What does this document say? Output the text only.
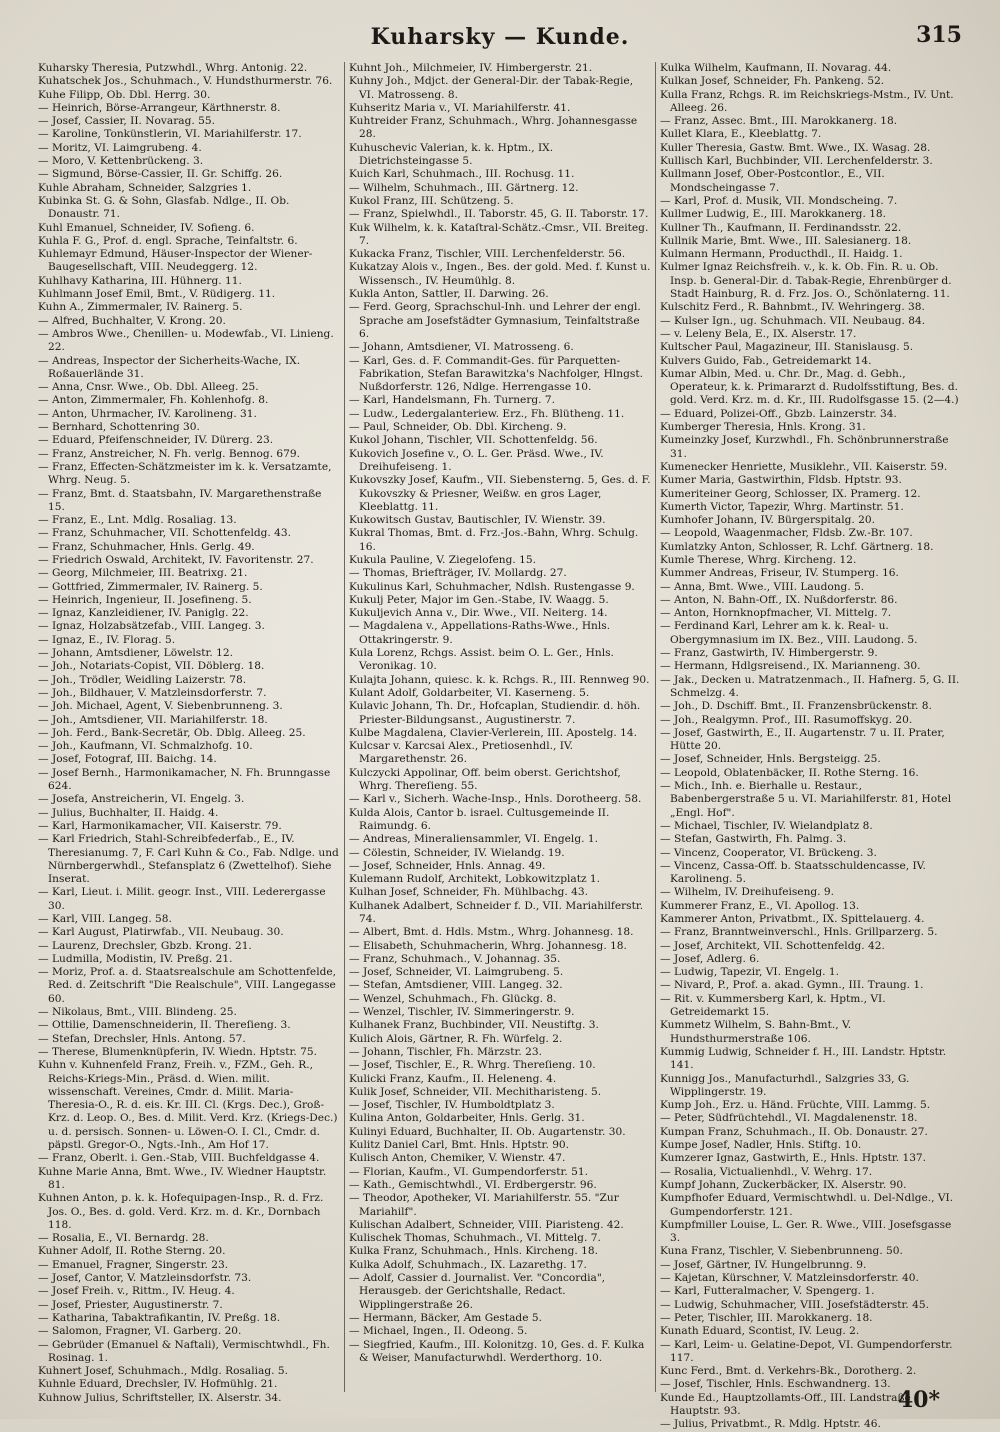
Kuharsky — Kunde.	315

Kuharsky Theresia, Putzwhdl., Whrg. Antonig. 22.

Kuhatschek Jos., Schuhmach., V. Hundsthurmerstr. 76.

Kuhe Filipp, Ob. Dbl. Herrg. 30.

— Heinrich, Börse-Arrangeur, Kärthnerstr. 8.

— Josef, Cassier, II. Novarag. 55.

— Karoline, Tonkünstlerin, VI. Mariahilferstr. 17.

— Moritz, VI. Laimgrubeng. 4.

— Moro, V. Kettenbrückeng. 3.

— Sigmund, Börse-Cassier, II. Gr. Schiffg. 26.

Kuhle Abraham, Schneider, Salzgries 1.

Kubinka St. G. & Sohn, Glasfab. Ndlge., II. Ob. Donaustr. 71.

Kuhl Emanuel, Schneider, IV. Sofieng. 6.

Kuhla F. G., Prof. d. engl. Sprache, Teinfaltstr. 6.

Kuhlemayr Edmund, Häuser-Inspector der Wiener-Baugesellschaft, VIII. Neudeggerg. 12.

Kuhlhavy Katharina, III. Hühnerg. 11.

Kuhlmann Josef Emil, Bmt., V. Rüdigerg. 11.

Kuhn A., Zimmermaler, IV. Rainerg. 5.

— Alfred, Buchhalter, V. Krong. 20.

— Ambros Wwe., Chenillen- u. Modewfab., VI. Linieng. 22.

— Andreas, Inspector der Sicherheits-Wache, IX. Roßauerlände 31.

— Anna, Cnsr. Wwe., Ob. Dbl. Alleeg. 25.

— Anton, Zimmermaler, Fh. Kohlenhofg. 8.

— Anton, Uhrmacher, IV. Karolineng. 31.

— Bernhard, Schottenring 30.

— Eduard, Pfeifenschneider, IV. Dürerg. 23.

— Franz, Anstreicher, N. Fh. verlg. Bennog. 679.

— Franz, Effecten-Schätzmeister im k. k. Versatzamte, Whrg. Neug. 5.

— Franz, Bmt. d. Staatsbahn, IV. Margarethenstraße 15.

— Franz, E., Lnt. Mdlg. Rosaliag. 13.

— Franz, Schuhmacher, VII. Schottenfeldg. 43.

— Franz, Schuhmacher, Hnls. Gerlg. 49.

— Friedrich Oswald, Architekt, IV. Favoritenstr. 27.

— Georg, Milchmeier, III. Beatrixg. 21.

— Gottfried, Zimmermaler, IV. Rainerg. 5.

— Heinrich, Ingenieur, II. Josefineng. 5.

— Ignaz, Kanzleidiener, IV. Paniglg. 22.

— Ignaz, Holzabsätzefab., VIII. Langeg. 3.

— Ignaz, E., IV. Florag. 5.

— Johann, Amtsdiener, Löwelstr. 12.

— Joh., Notariats-Copist, VII. Döblerg. 18.

— Joh., Trödler, Weidling Laizerstr. 78.

— Joh., Bildhauer, V. Matzleinsdorferstr. 7.

— Joh. Michael, Agent, V. Siebenbrunneng. 3.

— Joh., Amtsdiener, VII. Mariahilferstr. 18.

— Joh. Ferd., Bank-Secretär, Ob. Dblg. Alleeg. 25.

— Joh., Kaufmann, VI. Schmalzhofg. 10.

— Josef, Fotograf, III. Baichg. 14.

— Josef Bernh., Harmonikamacher, N. Fh. Brunngasse 624.

— Josefa, Anstreicherin, VI. Engelg. 3.

— Julius, Buchhalter, II. Haidg. 4.

— Karl, Harmonikamacher, VII. Kaiserstr. 79.

— Karl Friedrich, Stahl-Schreibfederfab., E., IV. Theresianumg. 7, F. Carl Kuhn & Co., Fab. Ndlge. und Nürnbergerwhdl., Stefansplatz 6 (Zwettelhof). Siehe Inserat.

— Karl, Lieut. i. Milit. geogr. Inst., VIII. Lederergasse 30.

— Karl, VIII. Langeg. 58.

— Karl August, Platirwfab., VII. Neubaug. 30.

— Laurenz, Drechsler, Gbzb. Krong. 21.

— Ludmilla, Modistin, IV. Preßg. 21.

— Moriz, Prof. a. d. Staatsrealschule am Schottenfelde, Red. d. Zeitschrift "Die Realschule", VIII. Langegasse 60.

— Nikolaus, Bmt., VIII. Blindeng. 25.

— Ottilie, Damenschneiderin, II. Thereſieng. 3.

— Stefan, Drechsler, Hnls. Antong. 57.

— Therese, Blumenknüpferin, IV. Wiedn. Hptstr. 75.

Kuhn v. Kuhnenfeld Franz, Freih. v., FZM., Geh. R., Reichs-Kriegs-Min., Präsd. d. Wien. milit. wissenschaft. Vereines, Cmdr. d. Milit. Maria-Theresia-O., R. d. eis. Kr. III. Cl. (Krgs. Dec.), Groß-Krz. d. Leop. O., Bes. d. Milit. Verd. Krz. (Kriegs-Dec.) u. d. persisch. Sonnen- u. Löwen-O. I. Cl., Cmdr. d. päpstl. Gregor-O., Ngts.-Inh., Am Hof 17.

— Franz, Oberlt. i. Gen.-Stab, VIII. Buchfeldgasse 4.

Kuhne Marie Anna, Bmt. Wwe., IV. Wiedner Hauptstr. 81.

Kuhnen Anton, p. k. k. Hofequipagen-Insp., R. d. Frz. Jos. O., Bes. d. gold. Verd. Krz. m. d. Kr., Dornbach 118.

— Rosalia, E., VI. Bernardg. 28.

Kuhner Adolf, II. Rothe Sterng. 20.

— Emanuel, Fragner, Singerstr. 23.

— Josef, Cantor, V. Matzleinsdorfstr. 73.

— Josef Freih. v., Rittm., IV. Heug. 4.

— Josef, Priester, Augustinerstr. 7.

— Katharina, Tabaktrafikantin, IV. Preßg. 18.

— Salomon, Fragner, VI. Garberg. 20.

— Gebrüder (Emanuel & Naftali), Vermischtwhdl., Fh. Rosinag. 1.

Kuhnert Josef, Schuhmach., Mdlg. Rosaliag. 5.

Kuhnle Eduard, Drechsler, IV. Hofmühlg. 21.

Kuhnow Julius, Schriftsteller, IX. Alserstr. 34.

Kuhnt Joh., Milchmeier, IV. Himbergerstr. 21.

Kuhny Joh., Mdjct. der General-Dir. der Tabak-Regie, VI. Matrosseng. 8.

Kuhseritz Maria v., VI. Mariahilferstr. 41.

Kuhtreider Franz, Schuhmach., Whrg. Johannesgasse 28.

Kuhuschevic Valerian, k. k. Hptm., IX. Dietrichsteingasse 5.

Kuich Karl, Schuhmach., III. Rochusg. 11.

— Wilhelm, Schuhmach., III. Gärtnerg. 12.

Kukol Franz, III. Schützeng. 5.

— Franz, Spielwhdl., II. Taborstr. 45, G. II. Taborstr. 17.

Kuk Wilhelm, k. k. Kataſtral-Schätz.-Cmsr., VII. Breiteg. 7.

Kukacka Franz, Tischler, VIII. Lerchenfelderstr. 56.

Kukatzay Alois v., Ingen., Bes. der gold. Med. f. Kunst u. Wissensch., IV. Heumühlg. 8.

Kukla Anton, Sattler, II. Darwing. 26.

— Ferd. Georg, Sprachschul-Inh. und Lehrer der engl. Sprache am Josefstädter Gymnasium, Teinfaltstraße 6.

— Johann, Amtsdiener, VI. Matrosseng. 6.

— Karl, Ges. d. F. Commandit-Ges. für Parquetten-Fabrikation, Stefan Barawitzka's Nachfolger, Hlngst. Nußdorferstr. 126, Ndlge. Herrengasse 10.

— Karl, Handelsmann, Fh. Turnerg. 7.

— Ludw., Ledergalanteriew. Erz., Fh. Blütheng. 11.

— Paul, Schneider, Ob. Dbl. Kircheng. 9.

Kukol Johann, Tischler, VII. Schottenfeldg. 56.

Kukovich Josefine v., O. L. Ger. Präsd. Wwe., IV. Dreihufeiseng. 1.

Kukovszky Josef, Kaufm., VII. Siebensterng. 5, Ges. d. F. Kukovszky & Priesner, Weißw. en gros Lager, Kleeblattg. 11.

Kukowitsch Gustav, Bautischler, IV. Wienstr. 39.

Kukral Thomas, Bmt. d. Frz.-Jos.-Bahn, Whrg. Schulg. 16.

Kukula Pauline, V. Ziegelofeng. 15.

— Thomas, Briefträger, IV. Mollardg. 27.

Kukulinus Karl, Schuhmacher, Ndlsh. Rustengasse 9.

Kukulj Peter, Major im Gen.-Stabe, IV. Waagg. 5.

Kukuljevich Anna v., Dir. Wwe., VII. Neiterg. 14.

— Magdalena v., Appellations-Raths-Wwe., Hnls. Ottakringerstr. 9.

Kula Lorenz, Rchgs. Assist. beim O. L. Ger., Hnls. Veronikag. 10.

Kulajta Johann, quiesc. k. k. Rchgs. R., III. Rennweg 90.

Kulant Adolf, Goldarbeiter, VI. Kaserneng. 5.

Kulavic Johann, Th. Dr., Hofcaplan, Studiendir. d. höh. Priester-Bildungsanst., Augustinerstr. 7.

Kulbe Magdalena, Clavier-Verlerein, III. Apostelg. 14.

Kulcsar v. Karcsai Alex., Pretiosenhdl., IV. Margarethenstr. 26.

Kulczycki Appolinar, Off. beim oberst. Gerichtshof, Whrg. Thereſieng. 55.

— Karl v., Sicherh. Wache-Insp., Hnls. Dorotheerg. 58.

Kulda Alois, Cantor b. israel. Cultusgemeinde II. Raimundg. 6.

— Andreas, Mineraliensammler, VI. Engelg. 1.

— Cölestin, Schneider, IV. Wielandg. 19.

— Josef, Schneider, Hnls. Annag. 49.

Kulemann Rudolf, Architekt, Lobkowitzplatz 1.

Kulhan Josef, Schneider, Fh. Mühlbachg. 43.

Kulhanek Adalbert, Schneider f. D., VII. Mariahilferstr. 74.

— Albert, Bmt. d. Hdls. Mstm., Whrg. Johannesg. 18.

— Elisabeth, Schuhmacherin, Whrg. Johannesg. 18.

— Franz, Schuhmach., V. Johannag. 35.

— Josef, Schneider, VI. Laimgrubeng. 5.

— Stefan, Amtsdiener, VIII. Langeg. 32.

— Wenzel, Schuhmach., Fh. Glückg. 8.

— Wenzel, Tischler, IV. Simmeringerstr. 9.

Kulhanek Franz, Buchbinder, VII. Neustiftg. 3.

Kulich Alois, Gärtner, R. Fh. Würfelg. 2.

— Johann, Tischler, Fh. Märzstr. 23.

— Josef, Tischler, E., R. Whrg. Thereſieng. 10.

Kulicki Franz, Kaufm., II. Heleneng. 4.

Kulik Josef, Schneider, VII. Mechitharisteng. 5.

— Josef, Tischler, IV. Humboldtplatz 3.

Kulina Anton, Goldarbeiter, Hnls. Gerlg. 31.

Kulinyi Eduard, Buchhalter, II. Ob. Augartenstr. 30.

Kulitz Daniel Carl, Bmt. Hnls. Hptstr. 90.

Kulisch Anton, Chemiker, V. Wienstr. 47.

— Florian, Kaufm., VI. Gumpendorferstr. 51.

— Kath., Gemischtwhdl., VI. Erdbergerstr. 96.

— Theodor, Apotheker, VI. Mariahilferstr. 55. "Zur Mariahilf".

Kulischan Adalbert, Schneider, VIII. Piaristeng. 42.

Kulischek Thomas, Schuhmach., VI. Mittelg. 7.

Kulka Franz, Schuhmach., Hnls. Kircheng. 18.

Kulka Adolf, Schuhmach., IX. Lazarethg. 17.

— Adolf, Cassier d. Journalist. Ver. "Concordia", Herausgeb. der Gerichtshalle, Redact. Wipplingerstraße 26.

— Hermann, Bäcker, Am Gestade 5.

— Michael, Ingen., II. Odeong. 5.

— Siegfried, Kaufm., III. Kolonitzg. 10, Ges. d. F. Kulka & Weiser, Manufacturwhdl. Werderthorg. 10.

Kulka Wilhelm, Kaufmann, II. Novarag. 44.

Kulkan Josef, Schneider, Fh. Pankeng. 52.

Kulla Franz, Rchgs. R. im Reichskriegs-Mstm., IV. Unt. Alleeg. 26.

— Franz, Assec. Bmt., III. Marokkanerg. 18.

Kullet Klara, E., Kleeblattg. 7.

Kuller Theresia, Gastw. Bmt. Wwe., IX. Wasag. 28.

Kullisch Karl, Buchbinder, VII. Lerchenfelderstr. 3.

Kullmann Josef, Ober-Postcontlor., E., VII. Mondscheingasse 7.

— Karl, Prof. d. Musik, VII. Mondscheing. 7.

Kullmer Ludwig, E., III. Marokkanerg. 18.

Kullner Th., Kaufmann, II. Ferdinandsstr. 22.

Kullnik Marie, Bmt. Wwe., III. Salesianerg. 18.

Kulmann Hermann, Producthdl., II. Haidg. 1.

Kulmer Ignaz Reichsfreih. v., k. k. Ob. Fin. R. u. Ob. Insp. b. General-Dir. d. Tabak-Regie, Ehrenbürger d. Stadt Hainburg, R. d. Frz. Jos. O., Schönlaterng. 11.

Kulschitz Ferd., R. Bahnbmt., IV. Wehringerg. 38.

— Kulser Ign., ug. Schuhmach. VII. Neubaug. 84.

— v. Leleny Bela, E., IX. Alserstr. 17.

Kultscher Paul, Magazineur, III. Stanislausg. 5.

Kulvers Guido, Fab., Getreidemarkt 14.

Kumar Albin, Med. u. Chr. Dr., Mag. d. Gebh., Operateur, k. k. Primararzt d. Rudolfsstiftung, Bes. d. gold. Verd. Krz. m. d. Kr., III. Rudolfsgasse 15. (2—4.)

— Eduard, Polizei-Off., Gbzb. Lainzerstr. 34.

Kumberger Theresia, Hnls. Krong. 31.

Kumeinzky Josef, Kurzwhdl., Fh. Schönbrunnerstraße 31.

Kumenecker Henriette, Musiklehr., VII. Kaiserstr. 59.

Kumer Maria, Gastwirthin, Fldsb. Hptstr. 93.

Kumeriteiner Georg, Schlosser, IX. Pramerg. 12.

Kumerth Victor, Tapezir, Whrg. Martinstr. 51.

Kumhofer Johann, IV. Bürgerspitalg. 20.

— Leopold, Waagenmacher, Fldsb. Zw.-Br. 107.

Kumlatzky Anton, Schlosser, R. Lchf. Gärtnerg. 18.

Kumle Therese, Whrg. Kircheng. 12.

Kummer Andreas, Friseur, IV. Stumperg. 16.

— Anna, Bmt. Wwe., VIII. Laudong. 5.

— Anton, N. Bahn-Off., IX. Nußdorferstr. 86.

— Anton, Hornknopfmacher, VI. Mittelg. 7.

— Ferdinand Karl, Lehrer am k. k. Real- u. Obergymnasium im IX. Bez., VIII. Laudong. 5.

— Franz, Gastwirth, IV. Himbergerstr. 9.

— Hermann, Hdlgsreisend., IX. Marianneng. 30.

— Jak., Decken u. Matratzenmach., II. Hafnerg. 5, G. II. Schmelzg. 4.

— Joh., D. Dschiff. Bmt., II. Franzensbrückenstr. 8.

— Joh., Realgymn. Prof., III. Rasumoffskyg. 20.

— Josef, Gastwirth, E., II. Augartenstr. 7 u. II. Prater, Hütte 20.

— Josef, Schneider, Hnls. Bergsteigg. 25.

— Leopold, Oblatenbäcker, II. Rothe Sterng. 16.

— Mich., Inh. e. Bierhalle u. Restaur., Babenbergerstraße 5 u. VI. Mariahilferstr. 81, Hotel „Engl. Hof".

— Michael, Tischler, IV. Wielandplatz 8.

— Stefan, Gastwirth, Fh. Palmg. 3.

— Vincenz, Cooperator, VI. Brückeng. 3.

— Vincenz, Cassa-Off. b. Staatsschuldencasse, IV. Karolineng. 5.

— Wilhelm, IV. Dreihufeiseng. 9.

Kummerer Franz, E., VI. Apollog. 13.

Kammerer Anton, Privatbmt., IX. Spittelauerg. 4.

— Franz, Branntweinverschl., Hnls. Grillparzerg. 5.

— Josef, Architekt, VII. Schottenfeldg. 42.

— Josef, Adlerg. 6.

— Ludwig, Tapezir, VI. Engelg. 1.

— Nivard, P., Prof. a. akad. Gymn., III. Traung. 1.

— Rit. v. Kummersberg Karl, k. Hptm., VI. Getreidemarkt 15.

Kummetz Wilhelm, S. Bahn-Bmt., V. Hundsthurmerstraße 106.

Kummig Ludwig, Schneider f. H., III. Landstr. Hptstr. 141.

Kunnigg Jos., Manufacturhdl., Salzgries 33, G. Wipplingerstr. 19.

Kump Joh., Erz. u. Händ. Früchte, VIII. Lammg. 5.

— Peter, Südfrüchtehdl., VI. Magdalenenstr. 18.

Kumpan Franz, Schuhmach., II. Ob. Donaustr. 27.

Kumpe Josef, Nadler, Hnls. Stiftg. 10.

Kumzerer Ignaz, Gastwirth, E., Hnls. Hptstr. 137.

— Rosalia, Victualienhdl., V. Wehrg. 17.

Kumpf Johann, Zuckerbäcker, IX. Alserstr. 90.

Kumpfhofer Eduard, Vermischtwhdl. u. Del-Ndlge., VI. Gumpendorferstr. 121.

Kumpfmiller Louise, L. Ger. R. Wwe., VIII. Josefsgasse 3.

Kuna Franz, Tischler, V. Siebenbrunneng. 50.

— Josef, Gärtner, IV. Hungelbrunng. 9.

— Kajetan, Kürschner, V. Matzleinsdorferstr. 40.

— Karl, Futteralmacher, V. Spengerg. 1.

— Ludwig, Schuhmacher, VIII. Josefstädterstr. 45.

— Peter, Tischler, III. Marokkanerg. 18.

Kunath Eduard, Scontist, IV. Leug. 2.

— Karl, Leim- u. Gelatine-Depot, VI. Gumpendorferstr. 117.

Kunc Ferd., Bmt. d. Verkehrs-Bk., Dorotherg. 2.

— Josef, Tischler, Hnls. Eschwandnerg. 13.

Kunde Ed., Hauptzollamts-Off., III. Landstraße Hauptstr. 93.

— Julius, Privatbmt., R. Mdlg. Hptstr. 46.

40*
